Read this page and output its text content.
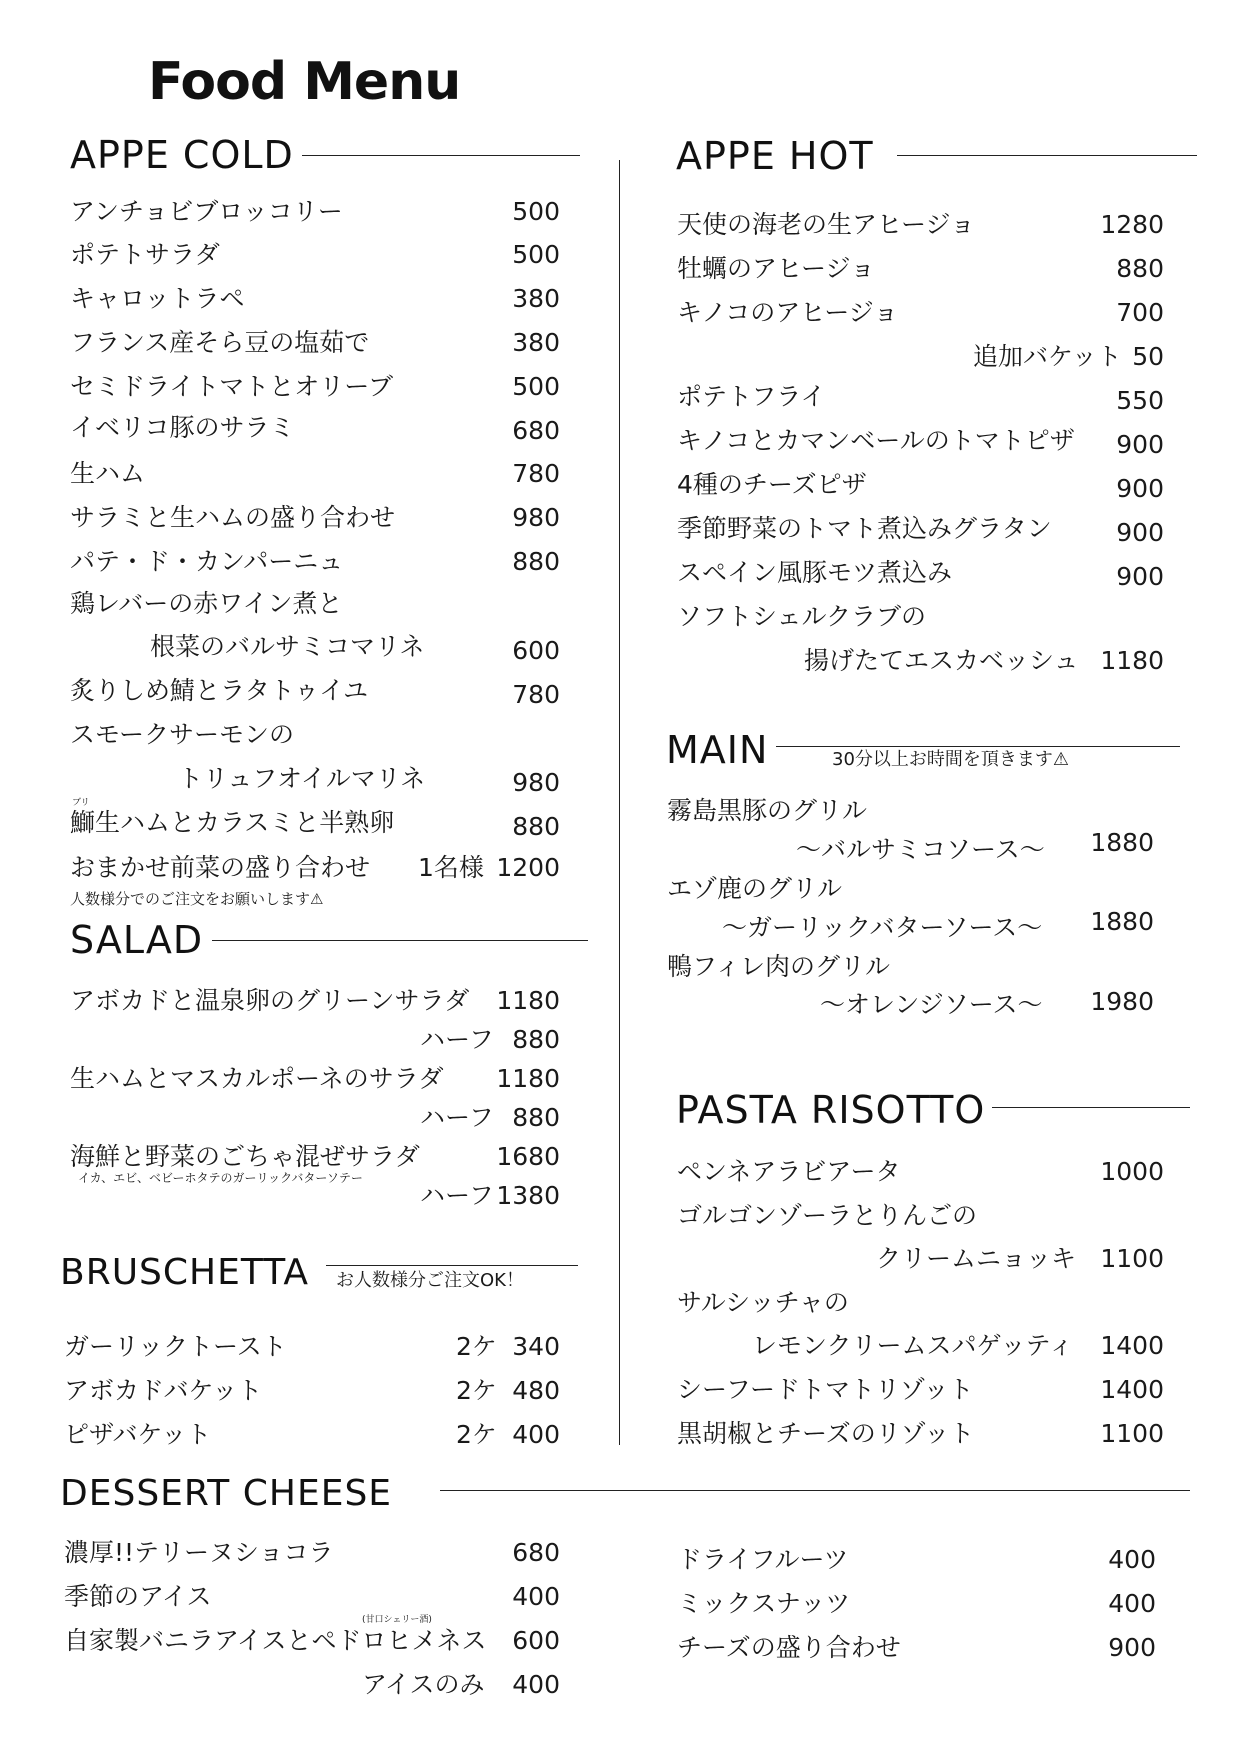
Food Menu
APPE COLD
アンチョビブロッコリー	500
ポテトサラダ	500
キャロットラペ	380
フランス産そら豆の塩茹で	380
セミドライトマトとオリーブ	500
イベリコ豚のサラミ	680
生ハム	780
サラミと生ハムの盛り合わせ	980
パテ・ド・カンパーニュ	880
鶏レバーの赤ワイン煮と
根菜のバルサミコマリネ	600
炙りしめ鯖とラタトゥイユ	780
スモークサーモンの
トリュフオイルマリネ	980
ブリ
鰤生ハムとカラスミと半熟卵	880
おまかせ前菜の盛り合わせ 1名様 1200
人数様分でのご注文をお願いします⚠
SALAD
アボカドと温泉卵のグリーンサラダ	1180
ハーフ 880
生ハムとマスカルポーネのサラダ	1180
ハーフ 880
海鮮と野菜のごちゃ混ぜサラダ	1680
イカ、エビ、ベビーホタテのガーリックバターソテー
ハーフ 1380
BRUSCHETTA お人数様分ご注文OK！
ガーリックトースト	2ケ 340
アボカドバケット	2ケ 480
ピザバケット	2ケ 400
APPE HOT
天使の海老の生アヒージョ	1280
牡蠣のアヒージョ	880
キノコのアヒージョ	700
追加バケット 50
ポテトフライ	550
キノコとカマンベールのトマトピザ	900
4種のチーズピザ	900
季節野菜のトマト煮込みグラタン	900
スペイン風豚モツ煮込み	900
ソフトシェルクラブの
揚げたてエスカベッシュ 1180
MAIN	30分以上お時間を頂きます⚠
霧島黒豚のグリル
〜バルサミコソース〜	1880
エゾ鹿のグリル
〜ガーリックバターソース〜	1880
鴨フィレ肉のグリル
〜オレンジソース〜	1980
PASTA RISOTTO
ペンネアラビアータ	1000
ゴルゴンゾーラとりんごの
クリームニョッキ 1100
サルシッチャの
レモンクリームスパゲッティ	1400
シーフードトマトリゾット	1400
黒胡椒とチーズのリゾット	1100
DESSERT CHEESE
濃厚!!テリーヌショコラ	680
季節のアイス	400
(甘口シェリー酒)
自家製バニラアイスとペドロヒメネス	600
アイスのみ	400
ドライフルーツ	400
ミックスナッツ	400
チーズの盛り合わせ	900
